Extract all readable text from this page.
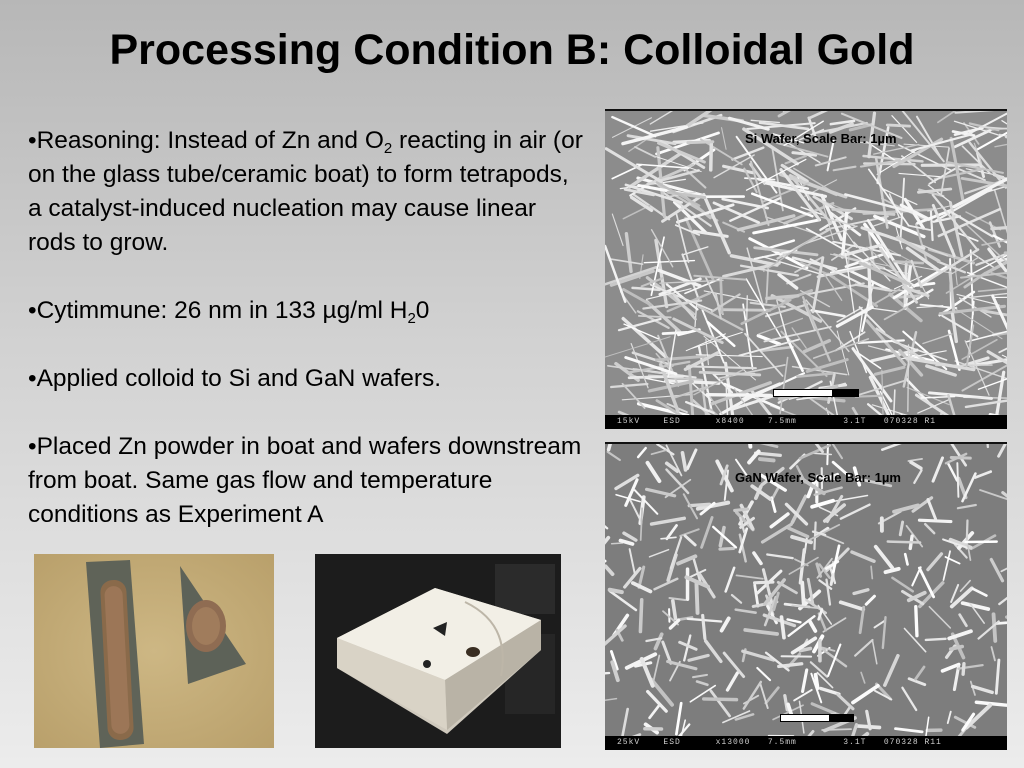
Processing Condition B: Colloidal Gold

•Reasoning: Instead of Zn and $O_2$ reacting in air (or on the glass tube/ceramic boat) to form tetrapods, a catalyst-induced nucleation may cause linear rods to grow.

•Cytimmune: 26 nm in 133 µg/ml $H_20$

•Applied colloid to Si and GaN wafers.

•Placed Zn powder in boat and wafers downstream from boat. Same gas flow and temperature conditions as Experiment A

Si Wafer, Scale Bar: 1µm
15kV    ESD      x8400    7.5mm        3.1T   070328 R1
GaN Wafer, Scale Bar: 1µm
25kV    ESD      x13000   7.5mm        3.1T   070328 R11
